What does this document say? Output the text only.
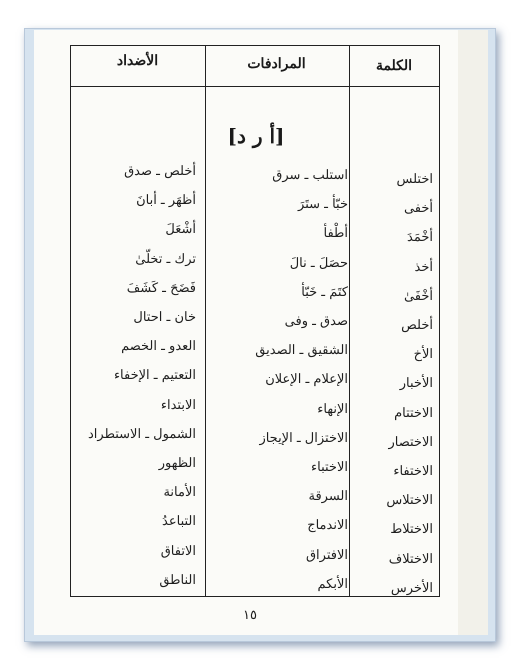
الكلمة
المرادفات
الأضداد
[أ ر د]
اختلس
استلب ـ سرق
أخلص ـ صدق
أخفى
خبّأ ـ ستَرَ
أظهَر ـ أبانَ
أخْمَدَ
أطْفأ
أشْعَلَ
أخذ
حصَلَ ـ نالَ
ترك ـ تخلّىٰ
أخْفَىٰ
كتَمَ ـ خَبّأ
فَضَحَ ـ كَشَفَ
أخلص
صدق ـ وفى
خان ـ احتال
الأخ
الشقيق ـ الصديق
العدو ـ الخصم
الأخبار
الإعلام ـ الإعلان
التعتيم ـ الإخفاء
الاختتام
الإنهاء
الابتداء
الاختصار
الاختزال ـ الإيجاز
الشمول ـ الاستطراد
الاختفاء
الاختباء
الظهور
الاختلاس
السرقة
الأمانة
الاختلاط
الاندماج
التباعدُ
الاختلاف
الافتراق
الاتفاق
الأخرس
الأبكم
الناطق
١٥
